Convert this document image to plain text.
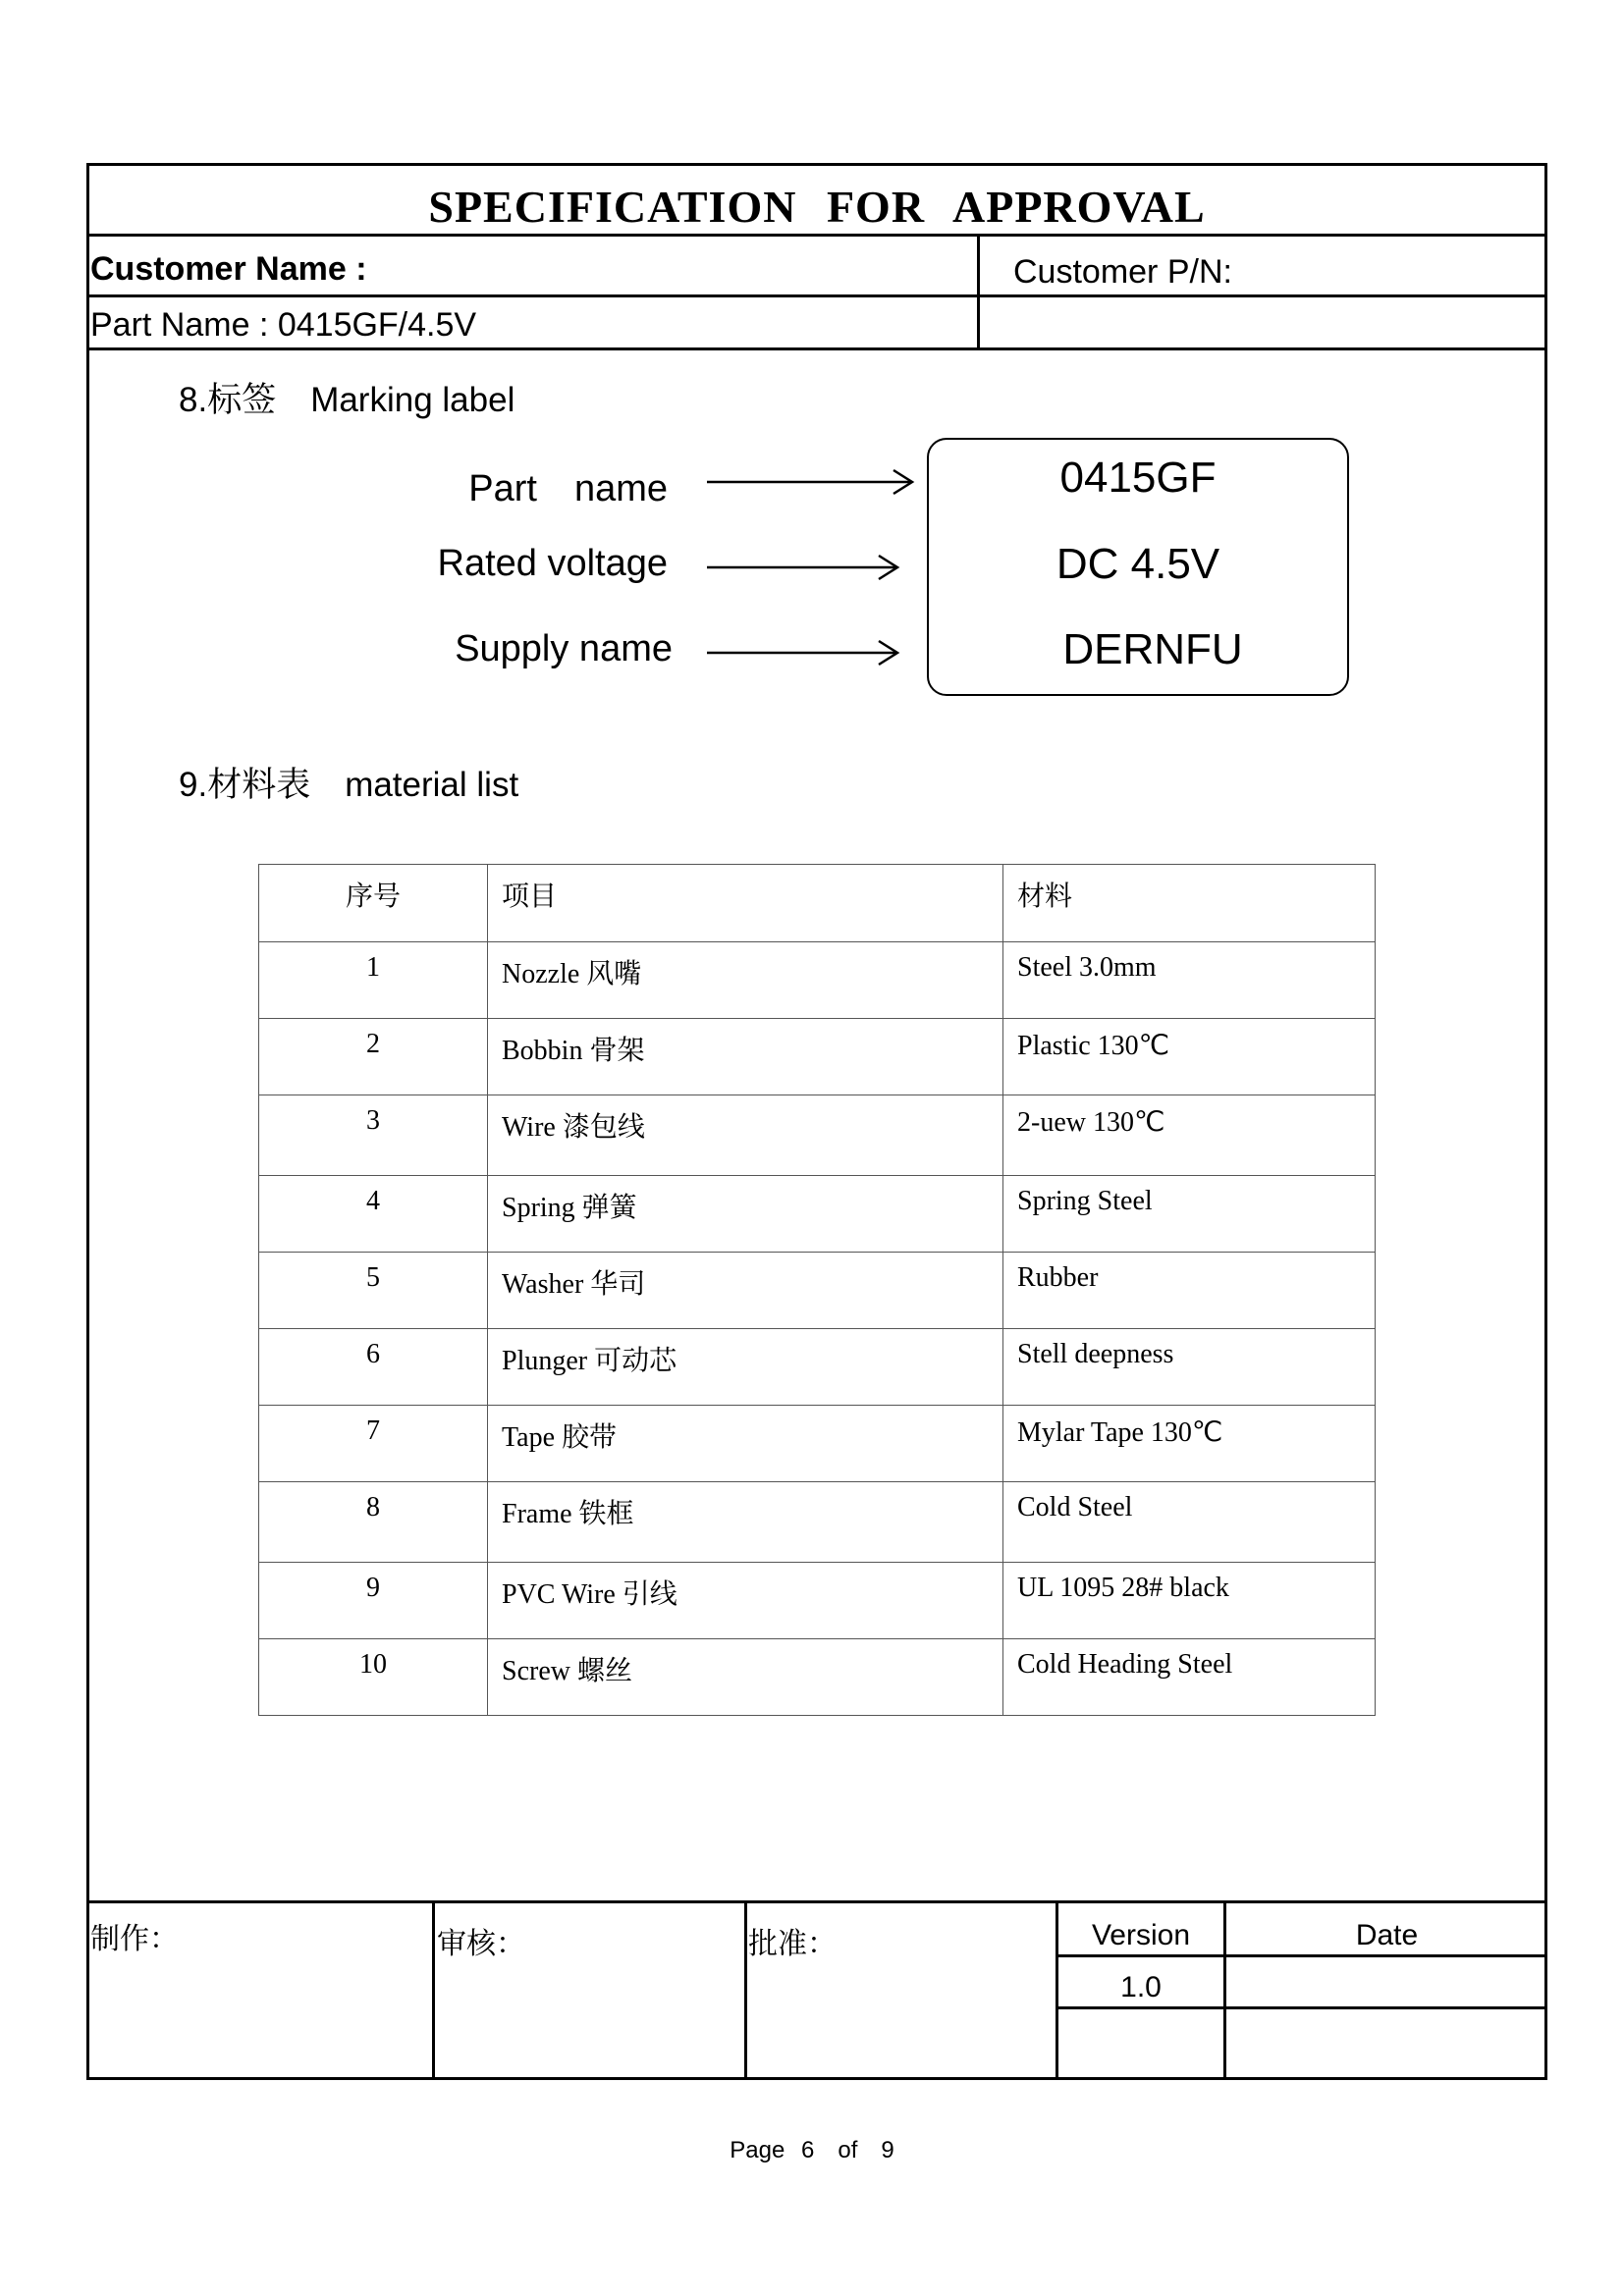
SPECIFICATION FOR APPROVAL
Customer Name :	Customer P/N:
Part Name : 0415GF/4.5V
8.标签　Marking label
Part　name
Rated voltage
Supply name
0415GF
DC 4.5V
DERNFU
9.材料表　material list
序号	项目	材料
1	Nozzle 风嘴	Steel 3.0mm
2	Bobbin 骨架	Plastic 130℃
3	Wire 漆包线	2-uew 130℃
4	Spring 弹簧	Spring Steel
5	Washer 华司	Rubber
6	Plunger 可动芯	Stell deepness
7	Tape 胶带	Mylar Tape 130℃
8	Frame 铁框	Cold Steel
9	PVC Wire 引线	UL 1095 28# black
10	Screw 螺丝	Cold Heading Steel
制作：	审核：	批准：	Version	Date
1.0
Page 6　of　9
